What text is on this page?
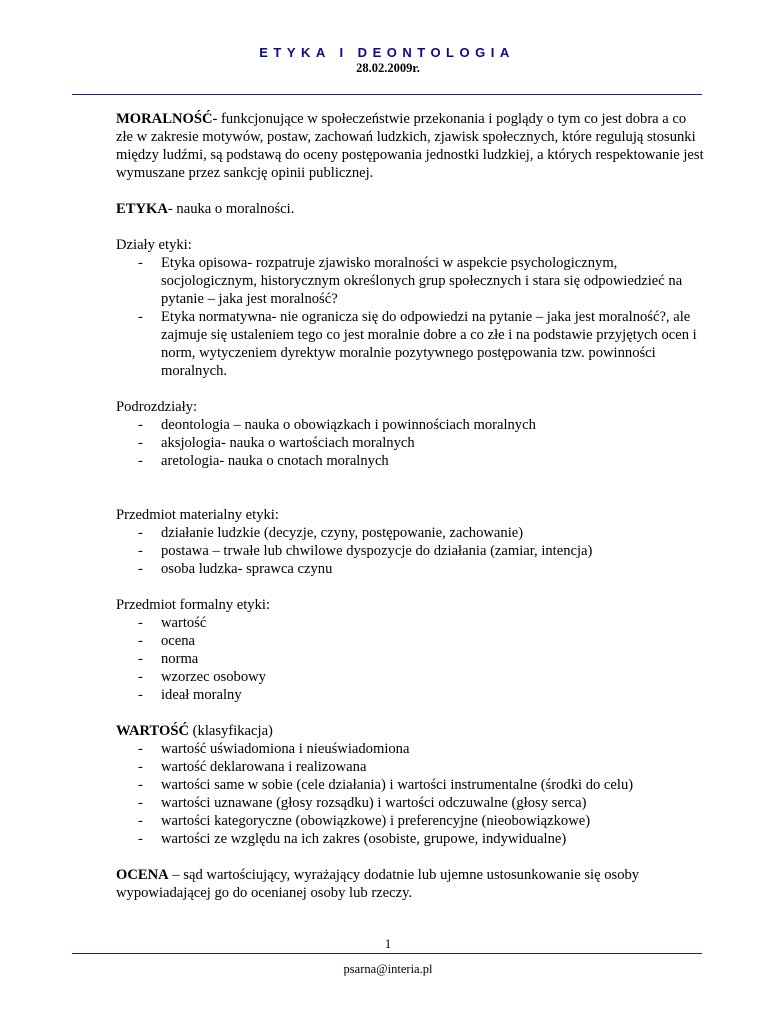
ETYKA I DEONTOLOGIA
28.02.2009r.

MORALNOŚĆ- funkcjonujące w społeczeństwie przekonania i poglądy o tym co jest dobra a co złe w zakresie motywów, postaw, zachowań ludzkich, zjawisk społecznych, które regulują stosunki między ludźmi, są podstawą do oceny postępowania jednostki ludzkiej, a których respektowanie jest wymuszane przez sankcję opinii publicznej.

ETYKA- nauka o moralności.

Działy etyki:

- Etyka opisowa- rozpatruje zjawisko moralności w aspekcie psychologicznym, socjologicznym, historycznym określonych grup społecznych i stara się odpowiedzieć na pytanie – jaka jest moralność?
- Etyka normatywna- nie ogranicza się do odpowiedzi na pytanie – jaka jest moralność?, ale zajmuje się ustaleniem tego co jest moralnie dobre a co złe i na podstawie przyjętych ocen i norm, wytyczeniem dyrektyw moralnie pozytywnego postępowania tzw. powinności moralnych.

Podrozdziały:

- deontologia – nauka o obowiązkach i powinnościach moralnych
- aksjologia- nauka o wartościach moralnych
- aretologia- nauka o cnotach moralnych

Przedmiot materialny etyki:

- działanie ludzkie (decyzje, czyny, postępowanie, zachowanie)
- postawa – trwałe lub chwilowe dyspozycje do działania (zamiar, intencja)
- osoba ludzka- sprawca czynu

Przedmiot formalny etyki:

- wartość
- ocena
- norma
- wzorzec osobowy
- ideał moralny

WARTOŚĆ (klasyfikacja)

- wartość uświadomiona i nieuświadomiona
- wartość deklarowana i realizowana
- wartości same w sobie (cele działania) i wartości instrumentalne (środki do celu)
- wartości uznawane (głosy rozsądku) i wartości odczuwalne (głosy serca)
- wartości kategoryczne (obowiązkowe) i preferencyjne (nieobowiązkowe)
- wartości ze względu na ich zakres (osobiste, grupowe, indywidualne)

OCENA – sąd wartościujący, wyrażający dodatnie lub ujemne ustosunkowanie się osoby wypowiadającej go do ocenianej osoby lub rzeczy.

1
psarna@interia.pl
